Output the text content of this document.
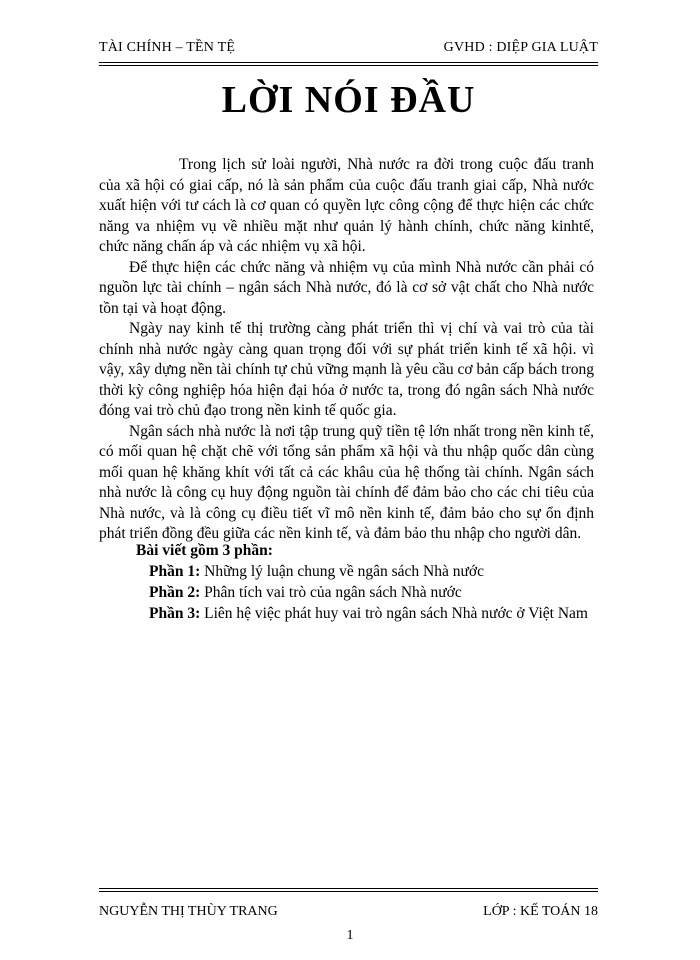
TÀI CHÍNH – TỀN TỆ	GVHD : DIỆP GIA LUẬT
LỜI NÓI ĐẦU

Trong lịch sử loài người, Nhà nước ra đời trong cuộc đấu tranh của xã hội có giai cấp, nó là sản phẩm của cuộc đấu tranh giai cấp, Nhà nước xuất hiện với tư cách là cơ quan có quyền lực công cộng để thực hiện các chức năng va nhiệm vụ về nhiều mặt như quản lý hành chính, chức năng kinhtế, chức năng chấn áp và các nhiệm vụ xã hội.

Để thực hiện các chức năng và nhiệm vụ của mình Nhà nước cần phải có nguồn lực tài chính – ngân sách Nhà nước, đó là cơ sở vật chất cho Nhà nước tồn tại và hoạt động.

Ngày nay kinh tế thị trường càng phát triển thì vị chí và vai trò của tài chính nhà nước ngày càng quan trọng đối với sự phát triển kinh tế xã hội. vì vậy, xây dựng nền tài chính tự chủ vững mạnh là yêu cầu cơ bản cấp bách trong thời kỳ công nghiệp hóa hiện đại hóa ở nước ta, trong đó ngân sách Nhà nước đóng vai trò chủ đạo trong nền kinh tế quốc gia.

Ngân sách nhà nước là nơi tập trung quỹ tiền tệ lớn nhất trong nền kinh tế, có mối quan hệ chặt chẽ với tổng sản phẩm xã hội và thu nhập quốc dân cùng mối quan hệ khăng khít với tất cả các khâu của hệ thống tài chính. Ngân sách nhà nước là công cụ huy động nguồn tài chính để đảm bảo cho các chi tiêu của Nhà nước, và là công cụ điều tiết vĩ mô nền kinh tế, đảm bảo cho sự ổn định phát triển đồng đều giữa các nền kinh tế, và đảm bảo thu nhập cho người dân.

Bài viết gồm 3 phần:

Phần 1: Những lý luận chung về ngân sách Nhà nước

Phần 2: Phân tích vai trò của ngân sách Nhà nước

Phần 3: Liên hệ việc phát huy vai trò ngân sách Nhà nước ở Việt Nam

NGUYỄN THỊ THÙY TRANG	LỚP : KẾ TOÁN 18
1
